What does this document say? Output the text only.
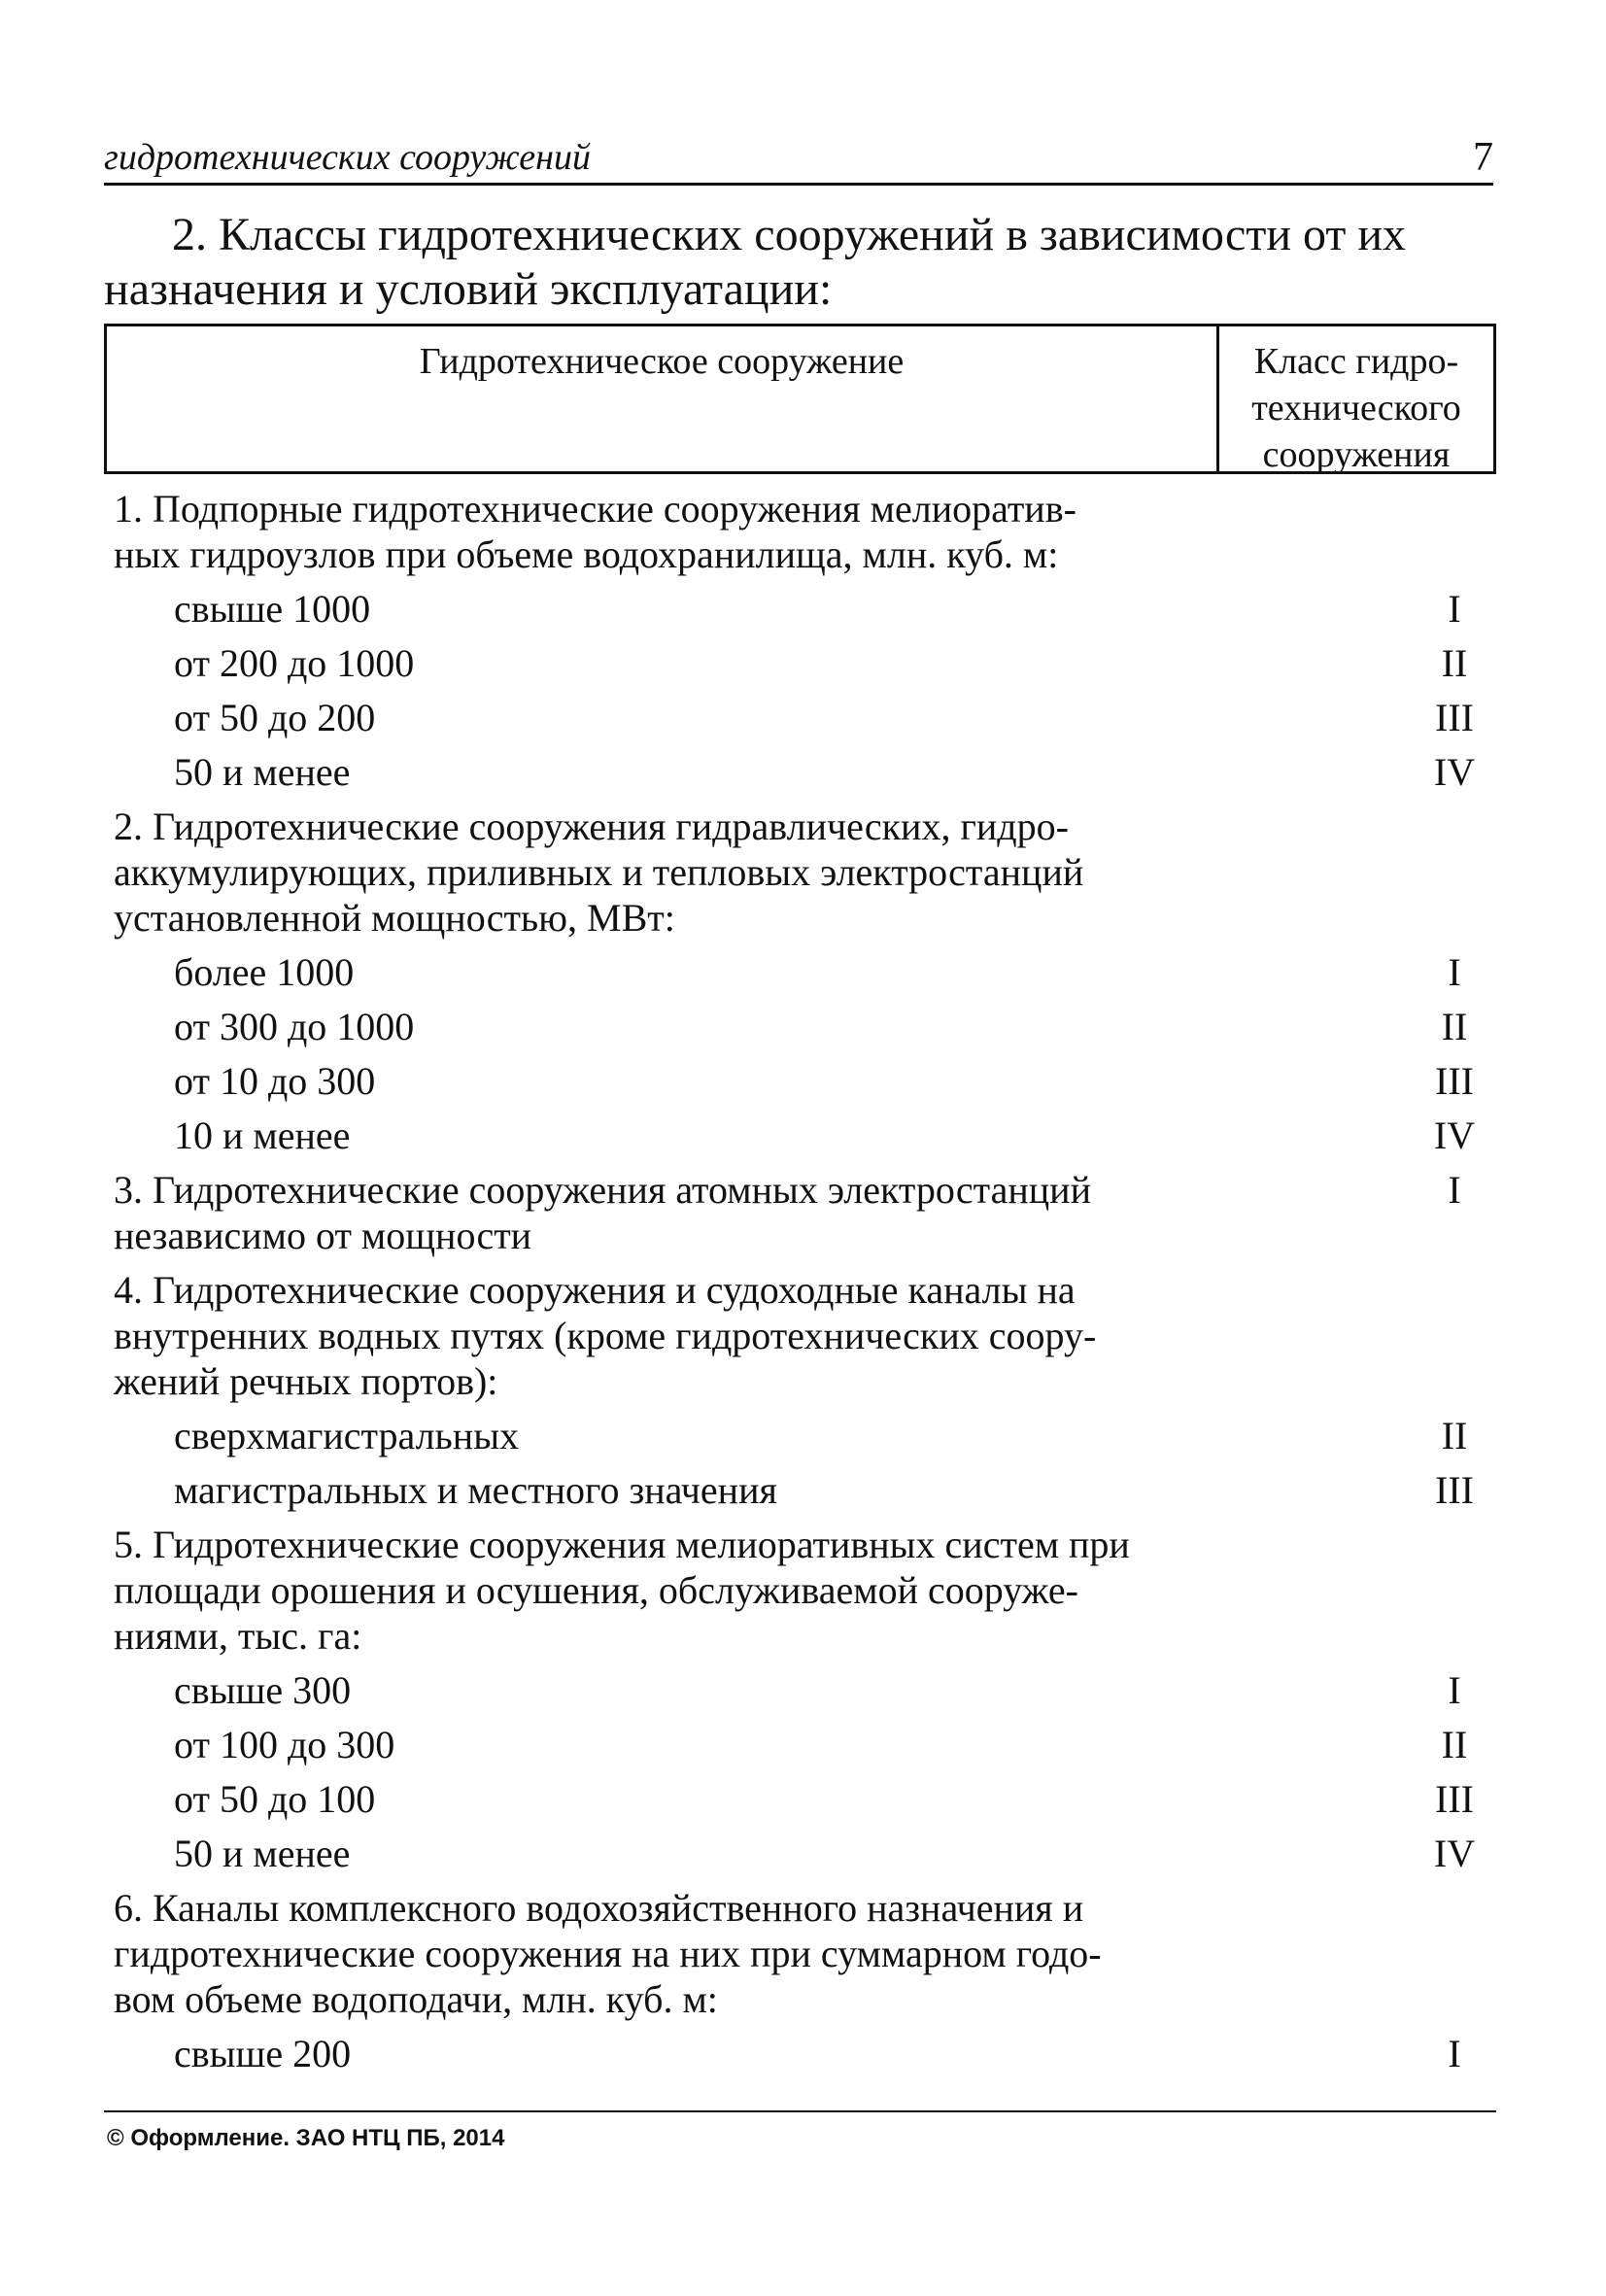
гидротехнических сооружений	7
2. Классы гидротехнических сооружений в зависимости от их
назначения и условий эксплуатации:
Гидротехническое сооружение	Класс гидро-
технического
сооружения
1. Подпорные гидротехнические сооружения мелиоратив-
ных гидроузлов при объеме водохранилища, млн. куб. м:
свыше 1000	I
от 200 до 1000	II
от 50 до 200	III
50 и менее	IV
2. Гидротехнические сооружения гидравлических, гидро-
аккумулирующих, приливных и тепловых электростанций
установленной мощностью, МВт:
более 1000	I
от 300 до 1000	II
от 10 до 300	III
10 и менее	IV
3. Гидротехнические сооружения атомных электростанций
независимо от мощности
I
4. Гидротехнические сооружения и судоходные каналы на
внутренних водных путях (кроме гидротехнических соору-
жений речных портов):
сверхмагистральных	II
магистральных и местного значения	III
5. Гидротехнические сооружения мелиоративных систем при
площади орошения и осушения, обслуживаемой сооруже-
ниями, тыс. га:
свыше 300	I
от 100 до 300	II
от 50 до 100	III
50 и менее	IV
6. Каналы комплексного водохозяйственного назначения и
гидротехнические сооружения на них при суммарном годо-
вом объеме водоподачи, млн. куб. м:
свыше 200	I
© Оформление. ЗАО НТЦ ПБ, 2014
